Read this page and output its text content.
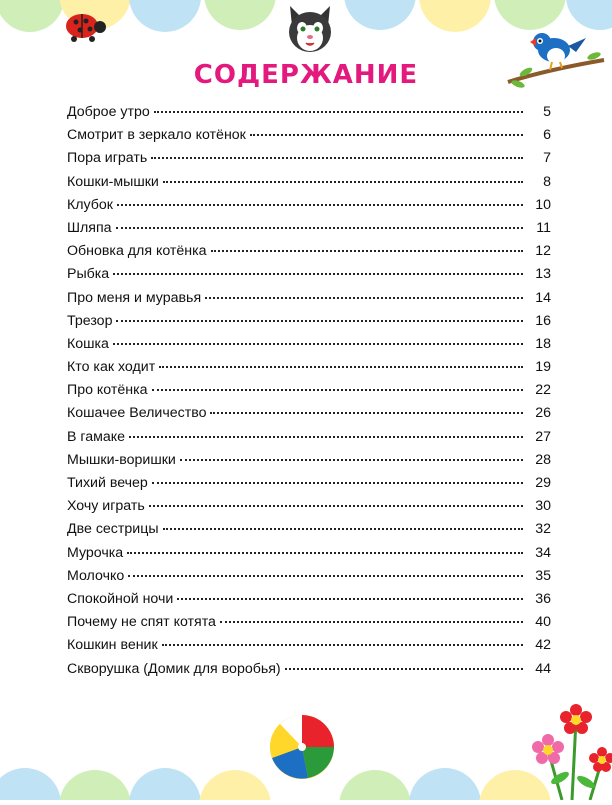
СОДЕРЖАНИЕ
Доброе утро	5
Смотрит в зеркало котёнок	6
Пора играть	7
Кошки-мышки	8
Клубок	10
Шляпа	11
Обновка для котёнка	12
Рыбка	13
Про меня и муравья	14
Трезор	16
Кошка	18
Кто как ходит	19
Про котёнка	22
Кошачее Величество	26
В гамаке	27
Мышки-воришки	28
Тихий вечер	29
Хочу играть	30
Две сестрицы	32
Мурочка	34
Молочко	35
Спокойной ночи	36
Почему не спят котята	40
Кошкин веник	42
Скворушка (Домик для воробья)	44
